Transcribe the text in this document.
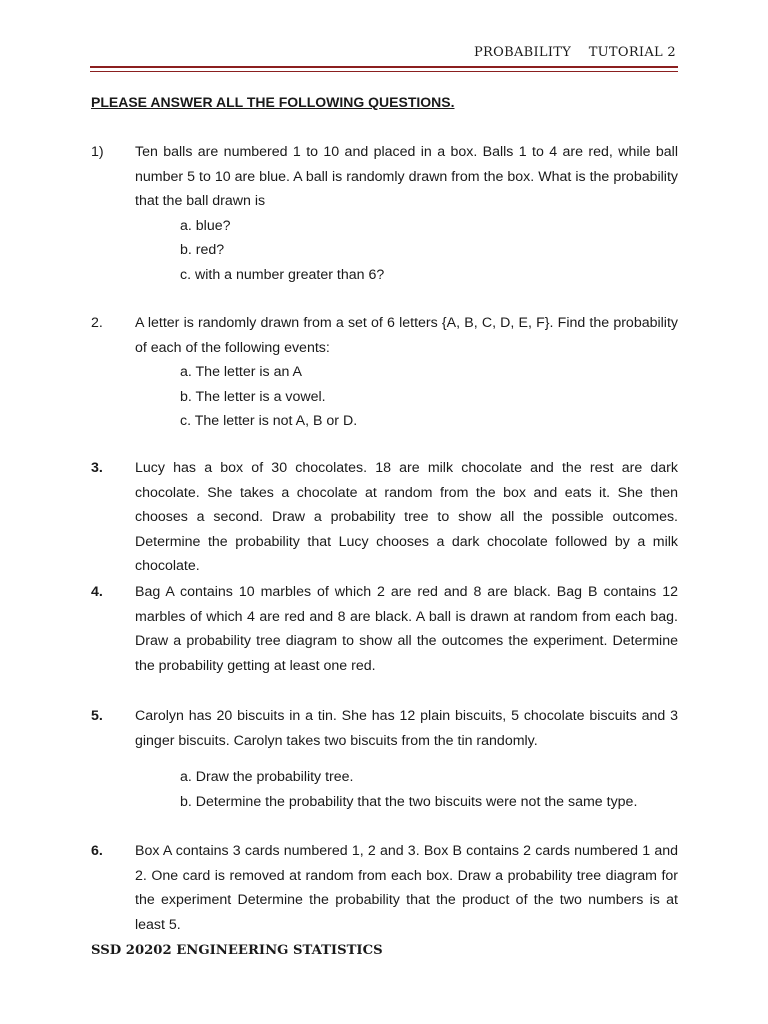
PROBABILITY TUTORIAL 2
PLEASE ANSWER ALL THE FOLLOWING QUESTIONS.
1) Ten balls are numbered 1 to 10 and placed in a box. Balls 1 to 4 are red, while ball number 5 to 10 are blue. A ball is randomly drawn from the box. What is the probability that the ball drawn is
a. blue?
b. red?
c. with a number greater than 6?
2. A letter is randomly drawn from a set of 6 letters {A, B, C, D, E, F}. Find the probability of each of the following events:
a. The letter is an A
b. The letter is a vowel.
c. The letter is not A, B or D.
3. Lucy has a box of 30 chocolates. 18 are milk chocolate and the rest are dark chocolate. She takes a chocolate at random from the box and eats it. She then chooses a second. Draw a probability tree to show all the possible outcomes. Determine the probability that Lucy chooses a dark chocolate followed by a milk chocolate.
4. Bag A contains 10 marbles of which 2 are red and 8 are black. Bag B contains 12 marbles of which 4 are red and 8 are black. A ball is drawn at random from each bag. Draw a probability tree diagram to show all the outcomes the experiment. Determine the probability getting at least one red.
5. Carolyn has 20 biscuits in a tin. She has 12 plain biscuits, 5 chocolate biscuits and 3 ginger biscuits. Carolyn takes two biscuits from the tin randomly.
a. Draw the probability tree.
b. Determine the probability that the two biscuits were not the same type.
6. Box A contains 3 cards numbered 1, 2 and 3. Box B contains 2 cards numbered 1 and 2. One card is removed at random from each box. Draw a probability tree diagram for the experiment Determine the probability that the product of the two numbers is at least 5.
SSD 20202 ENGINEERING STATISTICS
